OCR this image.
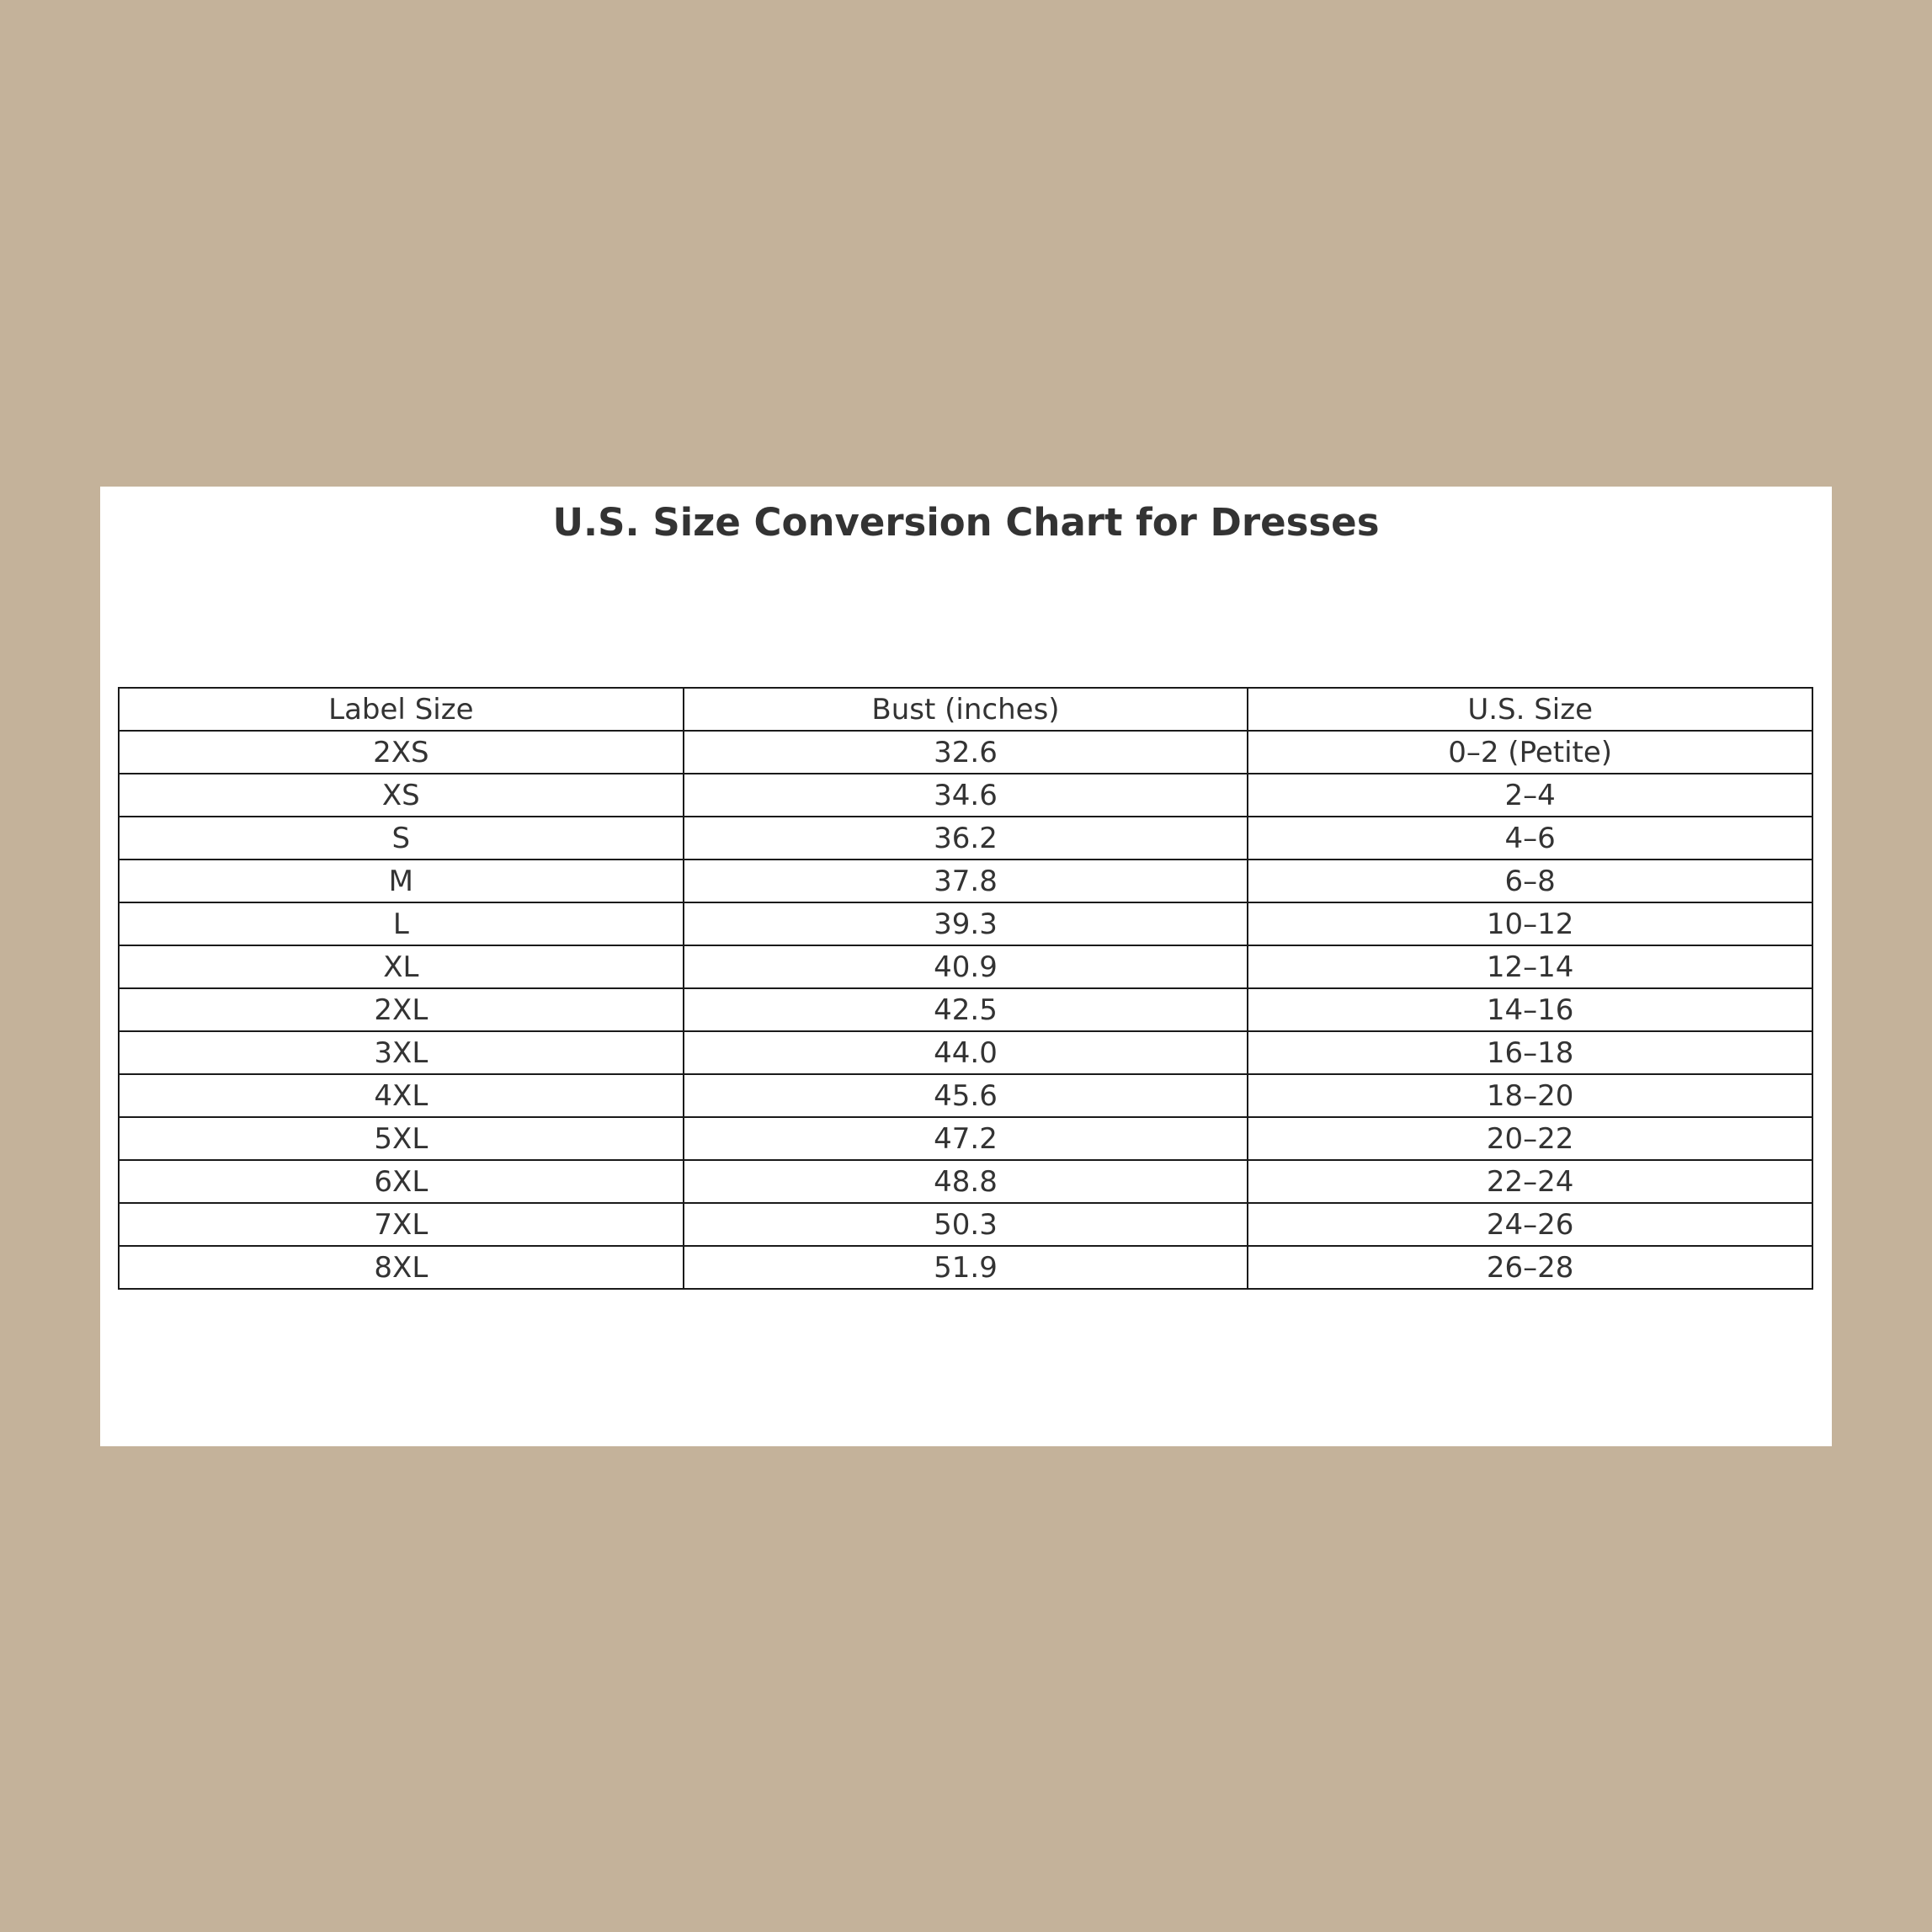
U.S. Size Conversion Chart for Dresses
Label Size	Bust (inches)	U.S. Size
2XS	32.6	0–2 (Petite)
XS	34.6	2–4
S	36.2	4–6
M	37.8	6–8
L	39.3	10–12
XL	40.9	12–14
2XL	42.5	14–16
3XL	44.0	16–18
4XL	45.6	18–20
5XL	47.2	20–22
6XL	48.8	22–24
7XL	50.3	24–26
8XL	51.9	26–28
